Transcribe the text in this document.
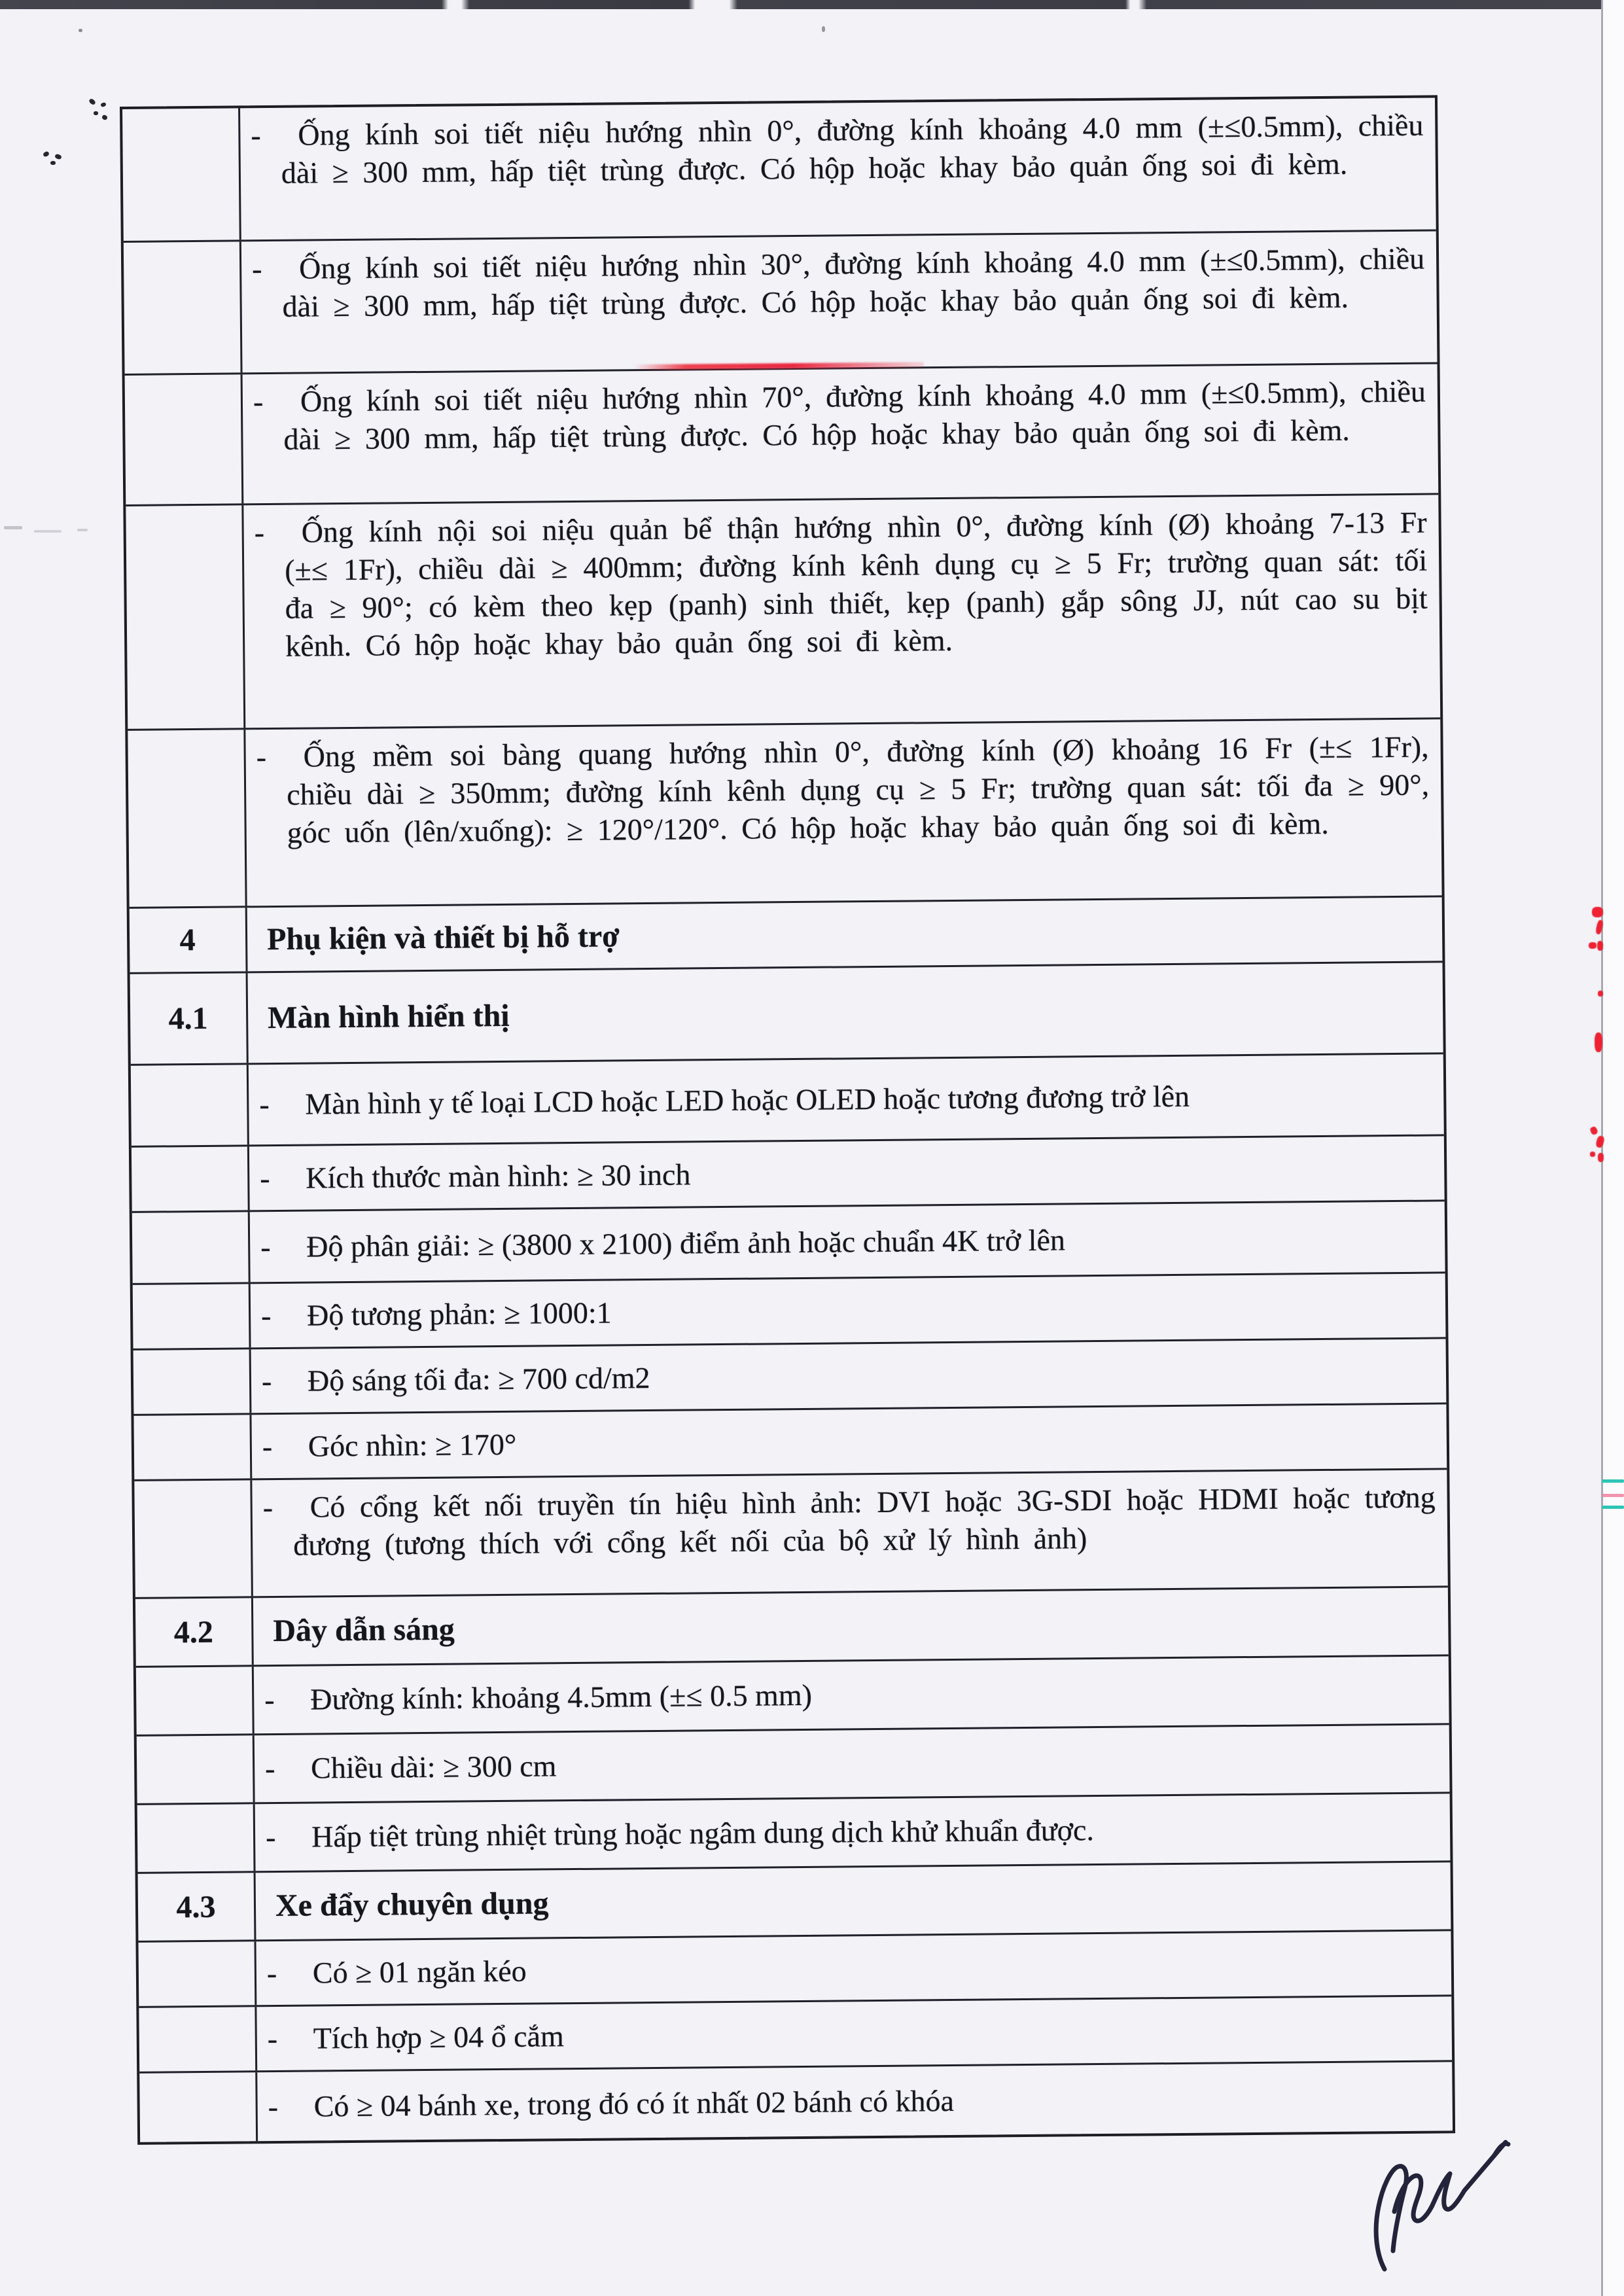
-	Ống kính soi tiết niệu hướng nhìn 0°, đường kính khoảng 4.0 mm (±≤0.5mm), chiều dài ≥ 300 mm, hấp tiệt trùng được. Có hộp hoặc khay bảo quản ống soi đi kèm.
-	Ống kính soi tiết niệu hướng nhìn 30°, đường kính khoảng 4.0 mm (±≤0.5mm), chiều dài ≥ 300 mm, hấp tiệt trùng được. Có hộp hoặc khay bảo quản ống soi đi kèm.
-	Ống kính soi tiết niệu hướng nhìn 70°, đường kính khoảng 4.0 mm (±≤0.5mm), chiều dài ≥ 300 mm, hấp tiệt trùng được. Có hộp hoặc khay bảo quản ống soi đi kèm.
-	Ống kính nội soi niệu quản bể thận hướng nhìn 0°, đường kính (Ø) khoảng 7-13 Fr (±≤ 1Fr), chiều dài ≥ 400mm; đường kính kênh dụng cụ ≥ 5 Fr; trường quan sát: tối đa ≥ 90°; có kèm theo kẹp (panh) sinh thiết, kẹp (panh) gắp sông JJ, nút cao su bịt kênh. Có hộp hoặc khay bảo quản ống soi đi kèm.
-	Ống mềm soi bàng quang hướng nhìn 0°, đường kính (Ø) khoảng 16 Fr (±≤ 1Fr), chiều dài ≥ 350mm; đường kính kênh dụng cụ ≥ 5 Fr; trường quan sát: tối đa ≥ 90°, góc uốn (lên/xuống): ≥ 120°/120°. Có hộp hoặc khay bảo quản ống soi đi kèm.
4	Phụ kiện và thiết bị hỗ trợ
4.1	Màn hình hiển thị
-	Màn hình y tế loại LCD hoặc LED hoặc OLED hoặc tương đương trở lên
-	Kích thước màn hình: ≥ 30 inch
-	Độ phân giải: ≥ (3800 x 2100) điểm ảnh hoặc chuẩn 4K trở lên
-	Độ tương phản: ≥ 1000:1
-	Độ sáng tối đa: ≥ 700 cd/m2
-	Góc nhìn: ≥ 170°
-	Có cổng kết nối truyền tín hiệu hình ảnh: DVI hoặc 3G-SDI hoặc HDMI hoặc tương đương (tương thích với cổng kết nối của bộ xử lý hình ảnh)
4.2	Dây dẫn sáng
-	Đường kính: khoảng 4.5mm (±≤ 0.5 mm)
-	Chiều dài: ≥ 300 cm
-	Hấp tiệt trùng nhiệt trùng hoặc ngâm dung dịch khử khuẩn được.
4.3	Xe đẩy chuyên dụng
-	Có ≥ 01 ngăn kéo
-	Tích hợp ≥ 04 ổ cắm
-	Có ≥ 04 bánh xe, trong đó có ít nhất 02 bánh có khóa
